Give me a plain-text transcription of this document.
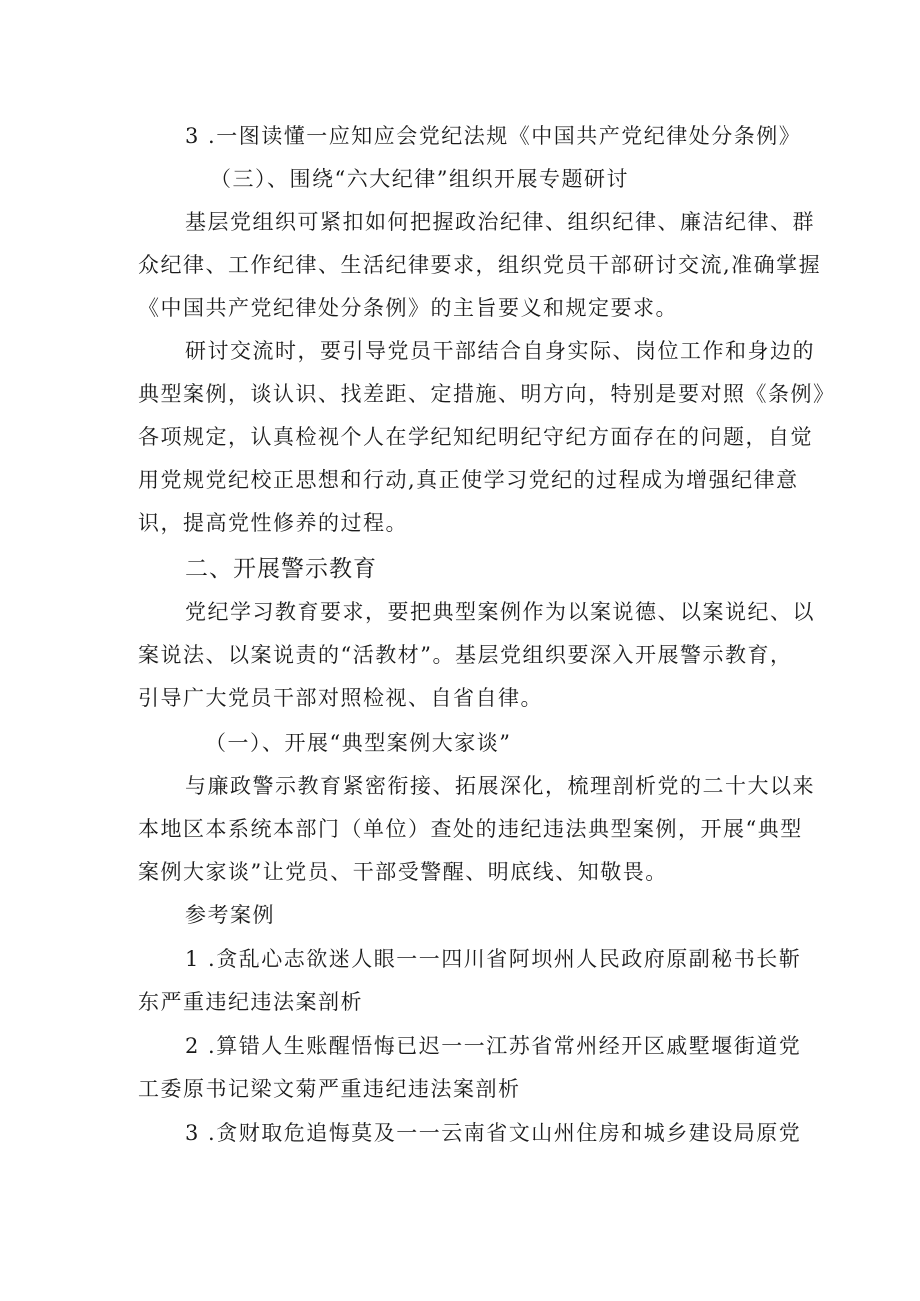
3 .一图读懂一应知应会党纪法规《中国共产党纪律处分条例》
（三）、围绕“六大纪律”组织开展专题研讨
基层党组织可紧扣如何把握政治纪律、组织纪律、廉洁纪律、群
众纪律、工作纪律、生活纪律要求，组织党员干部研讨交流,准确掌握
《中国共产党纪律处分条例》的主旨要义和规定要求。
研讨交流时，要引导党员干部结合自身实际、岗位工作和身边的
典型案例，谈认识、找差距、定措施、明方向，特别是要对照《条例》
各项规定，认真检视个人在学纪知纪明纪守纪方面存在的问题，自觉
用党规党纪校正思想和行动,真正使学习党纪的过程成为增强纪律意
识，提高党性修养的过程。
二、开展警示教育
党纪学习教育要求，要把典型案例作为以案说德、以案说纪、以
案说法、以案说责的“活教材”。基层党组织要深入开展警示教育，
引导广大党员干部对照检视、自省自律。
（一）、开展“典型案例大家谈”
与廉政警示教育紧密衔接、拓展深化，梳理剖析党的二十大以来
本地区本系统本部门（单位）查处的违纪违法典型案例，开展“典型
案例大家谈”让党员、干部受警醒、明底线、知敬畏。
参考案例
1 .贪乱心志欲迷人眼一一四川省阿坝州人民政府原副秘书长靳
东严重违纪违法案剖析
2 .算错人生账醒悟悔已迟一一江苏省常州经开区戚墅堰街道党
工委原书记梁文菊严重违纪违法案剖析
3 .贪财取危追悔莫及一一云南省文山州住房和城乡建设局原党
